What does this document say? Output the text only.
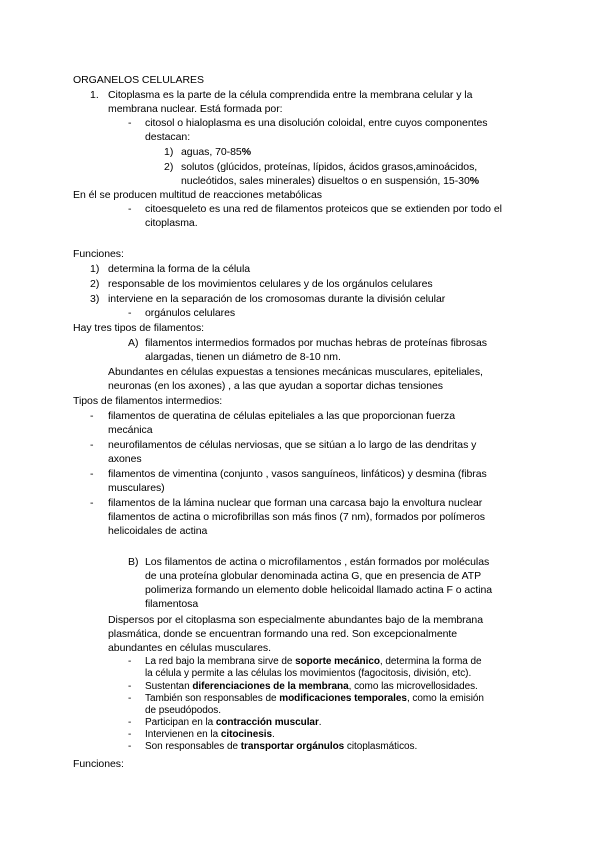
ORGANELOS CELULARES
1. Citoplasma es la parte de la célula comprendida entre la membrana celular y la
membrana nuclear. Está formada por:
- citosol o hialoplasma es una disolución coloidal, entre cuyos componentes
destacan:
1) aguas, 70-85%
2) solutos (glúcidos, proteínas, lípidos, ácidos grasos,aminoácidos,
nucleótidos, sales minerales) disueltos o en suspensión, 15-30%
En él se producen multitud de reacciones metabólicas
- citoesqueleto es una red de filamentos proteicos que se extienden por todo el
citoplasma.
Funciones:
1) determina la forma de la célula
2) responsable de los movimientos celulares y de los orgánulos celulares
3) interviene en la separación de los cromosomas durante la división celular
- orgánulos celulares
Hay tres tipos de filamentos:
A) filamentos intermedios formados por muchas hebras de proteínas fibrosas
alargadas, tienen un diámetro de 8-10 nm.
Abundantes en células expuestas a tensiones mecánicas musculares, epiteliales,
neuronas (en los axones) , a las que ayudan a soportar dichas tensiones
Tipos de filamentos intermedios:
- filamentos de queratina de células epiteliales a las que proporcionan fuerza
mecánica
- neurofilamentos de células nerviosas, que se sitúan a lo largo de las dendritas y
axones
- filamentos de vimentina (conjunto , vasos sanguíneos, linfáticos) y desmina (fibras
musculares)
- filamentos de la lámina nuclear que forman una carcasa bajo la envoltura nuclear
filamentos de actina o microfibrillas son más finos (7 nm), formados por polímeros
helicoidales de actina
B) Los filamentos de actina o microfilamentos , están formados por moléculas
de una proteína globular denominada actina G, que en presencia de ATP
polimeriza formando un elemento doble helicoidal llamado actina F o actina
filamentosa
Dispersos por el citoplasma son especialmente abundantes bajo de la membrana
plasmática, donde se encuentran formando una red. Son excepcionalmente
abundantes en células musculares.
- La red bajo la membrana sirve de soporte mecánico, determina la forma de
la célula y permite a las células los movimientos (fagocitosis, división, etc).
- Sustentan diferenciaciones de la membrana, como las microvellosidades.
- También son responsables de modificaciones temporales, como la emisión
de pseudópodos.
- Participan en la contracción muscular.
- Intervienen en la citocinesis.
- Son responsables de transportar orgánulos citoplasmáticos.
Funciones:
